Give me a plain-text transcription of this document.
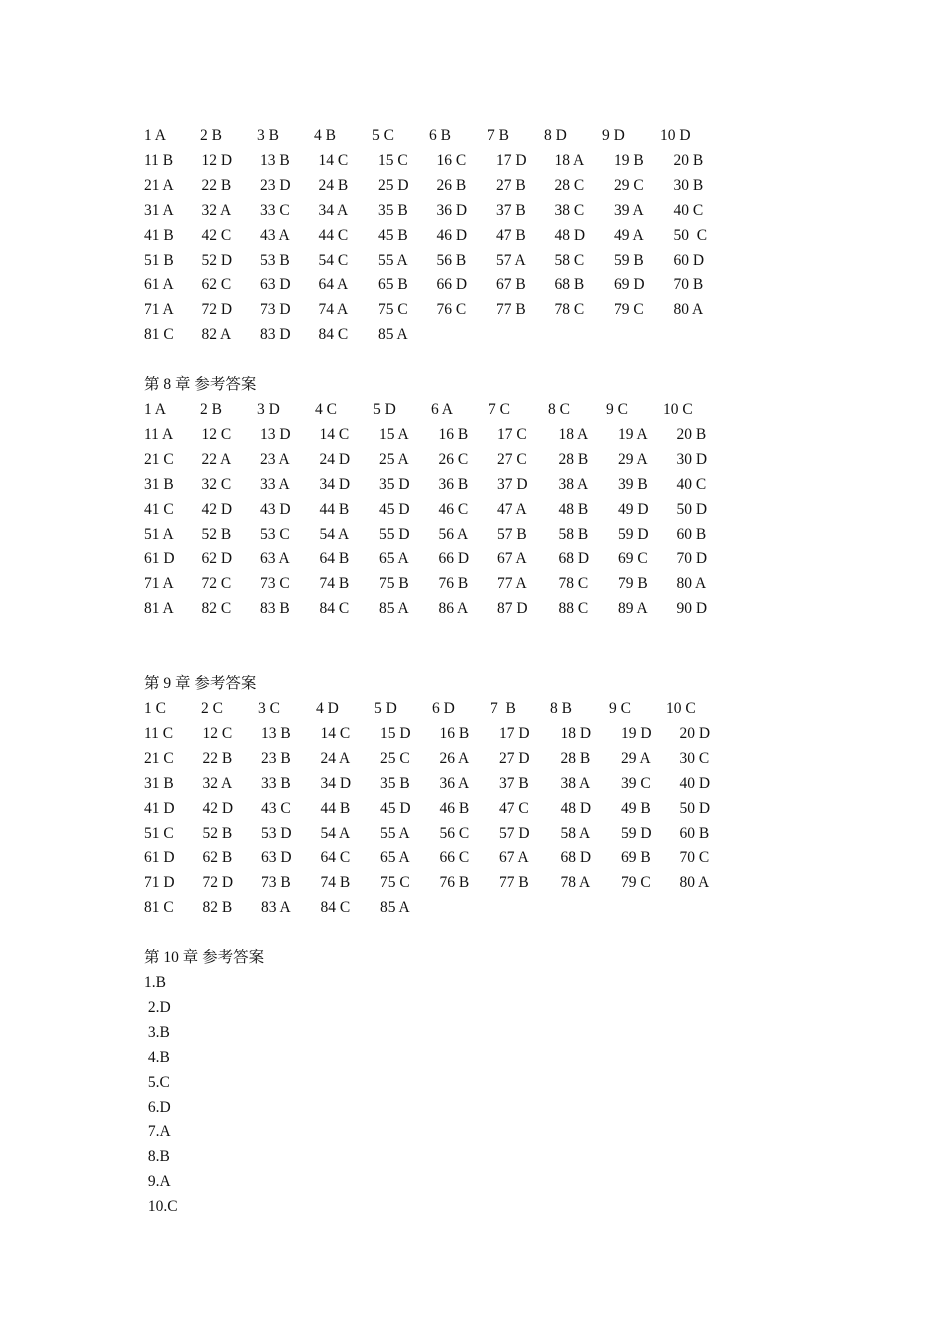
1 A 2 B 3 B 4 B 5 C 6 B 7 B 8 D 9 D 10 D
11 B 12 D 13 B 14 C 15 C 16 C 17 D 18 A 19 B 20 B
21 A 22 B 23 D 24 B 25 D 26 B 27 B 28 C 29 C 30 B
31 A 32 A 33 C 34 A 35 B 36 D 37 B 38 C 39 A 40 C
41 B 42 C 43 A 44 C 45 B 46 D 47 B 48 D 49 A 50  C
51 B 52 D 53 B 54 C 55 A 56 B 57 A 58 C 59 B 60 D
61 A 62 C 63 D 64 A 65 B 66 D 67 B 68 B 69 D 70 B
71 A 72 D 73 D 74 A 75 C 76 C 77 B 78 C 79 C 80 A
81 C 82 A 83 D 84 C 85 A
第 8 章 参考答案
1 A 2 B 3 D 4 C 5 D 6 A 7 C 8 C 9 C 10 C
11 A 12 C 13 D 14 C 15 A 16 B 17 C 18 A 19 A 20 B
21 C 22 A 23 A 24 D 25 A 26 C 27 C 28 B 29 A 30 D
31 B 32 C 33 A 34 D 35 D 36 B 37 D 38 A 39 B 40 C
41 C 42 D 43 D 44 B 45 D 46 C 47 A 48 B 49 D 50 D
51 A 52 B 53 C 54 A 55 D 56 A 57 B 58 B 59 D 60 B
61 D 62 D 63 A 64 B 65 A 66 D 67 A 68 D 69 C 70 D
71 A 72 C 73 C 74 B 75 B 76 B 77 A 78 C 79 B 80 A
81 A 82 C 83 B 84 C 85 A 86 A 87 D 88 C 89 A 90 D
第 9 章 参考答案
1 C 2 C 3 C 4 D 5 D 6 D 7  B 8 B 9 C 10 C
11 C 12 C 13 B 14 C 15 D 16 B 17 D 18 D 19 D 20 D
21 C 22 B 23 B 24 A 25 C 26 A 27 D 28 B 29 A 30 C
31 B 32 A 33 B 34 D 35 B 36 A 37 B 38 A 39 C 40 D
41 D 42 D 43 C 44 B 45 D 46 B 47 C 48 D 49 B 50 D
51 C 52 B 53 D 54 A 55 A 56 C 57 D 58 A 59 D 60 B
61 D 62 B 63 D 64 C 65 A 66 C 67 A 68 D 69 B 70 C
71 D 72 D 73 B 74 B 75 C 76 B 77 B 78 A 79 C 80 A
81 C 82 B 83 A 84 C 85 A
第 10 章 参考答案
1.B
2.D
3.B
4.B
5.C
6.D
7.A
8.B
9.A
10.C
